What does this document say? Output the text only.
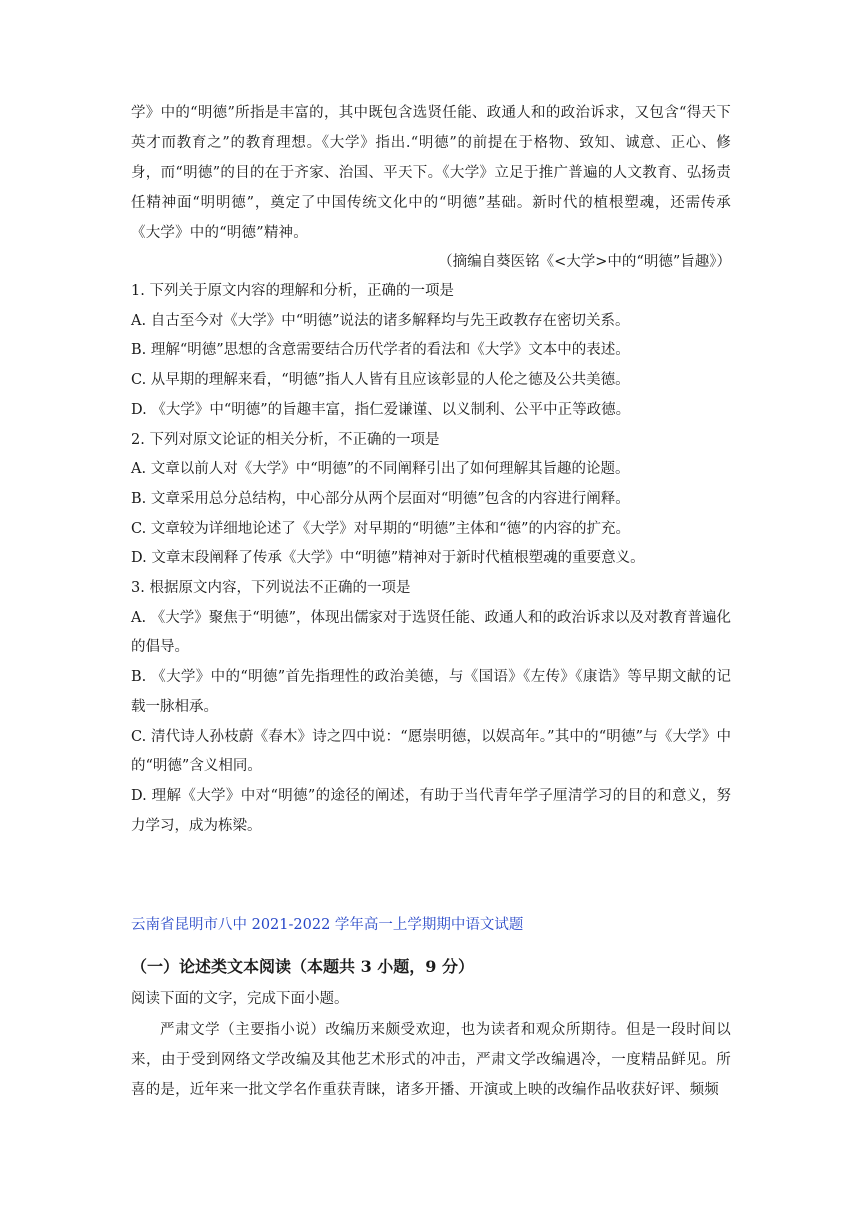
学》中的“明德”所指是丰富的，其中既包含选贤任能、政通人和的政治诉求，又包含“得天下英才而教育之”的教育理想。《大学》指出.“明德”的前提在于格物、致知、诚意、正心、修身，而“明德”的目的在于齐家、治国、平天下。《大学》立足于推广普遍的人文教育、弘扬责任精神面“明明德”，奠定了中国传统文化中的“明德”基础。新时代的植根塑魂，还需传承《大学》中的“明德”精神。
（摘编自葵医铭《<大学>中的“明德”旨趣》）

1. 下列关于原文内容的理解和分析，正确的一项是

A. 自古至今对《大学》中“明德”说法的诸多解释均与先王政教存在密切关系。

B. 理解“明德”思想的含意需要结合历代学者的看法和《大学》文本中的表述。

C. 从早期的理解来看，“明德”指人人皆有且应该彰显的人伦之德及公共美德。

D. 《大学》中“明德”的旨趣丰富，指仁爱谦谨、以义制利、公平中正等政德。

2. 下列对原文论证的相关分析，不正确的一项是

A. 文章以前人对《大学》中“明德”的不同阐释引出了如何理解其旨趣的论题。

B. 文章采用总分总结构，中心部分从两个层面对“明德”包含的内容进行阐释。

C. 文章较为详细地论述了《大学》对早期的“明德”主体和“德”的内容的扩充。

D. 文章末段阐释了传承《大学》中“明德”精神对于新时代植根塑魂的重要意义。

3. 根据原文内容，下列说法不正确的一项是

A. 《大学》聚焦于“明德”，体现出儒家对于选贤任能、政通人和的政治诉求以及对教育普遍化的倡导。

B. 《大学》中的“明德”首先指理性的政治美德，与《国语》《左传》《康诰》等早期文献的记载一脉相承。

C. 清代诗人孙枝蔚《春木》诗之四中说：“愿崇明德，以娱高年。”其中的“明德”与《大学》中的“明德”含义相同。

D. 理解《大学》中对“明德”的途径的阐述，有助于当代青年学子厘清学习的目的和意义，努力学习，成为栋梁。

云南省昆明市八中 2021-2022 学年高一上学期期中语文试题
（一）论述类文本阅读（本题共 3 小题，9 分）
阅读下面的文字，完成下面小题。
严肃文学（主要指小说）改编历来颇受欢迎，也为读者和观众所期待。但是一段时间以来，由于受到网络文学改编及其他艺术形式的冲击，严肃文学改编遇冷，一度精品鲜见。所喜的是，近年来一批文学名作重获青睐，诸多开播、开演或上映的改编作品收获好评、频频
